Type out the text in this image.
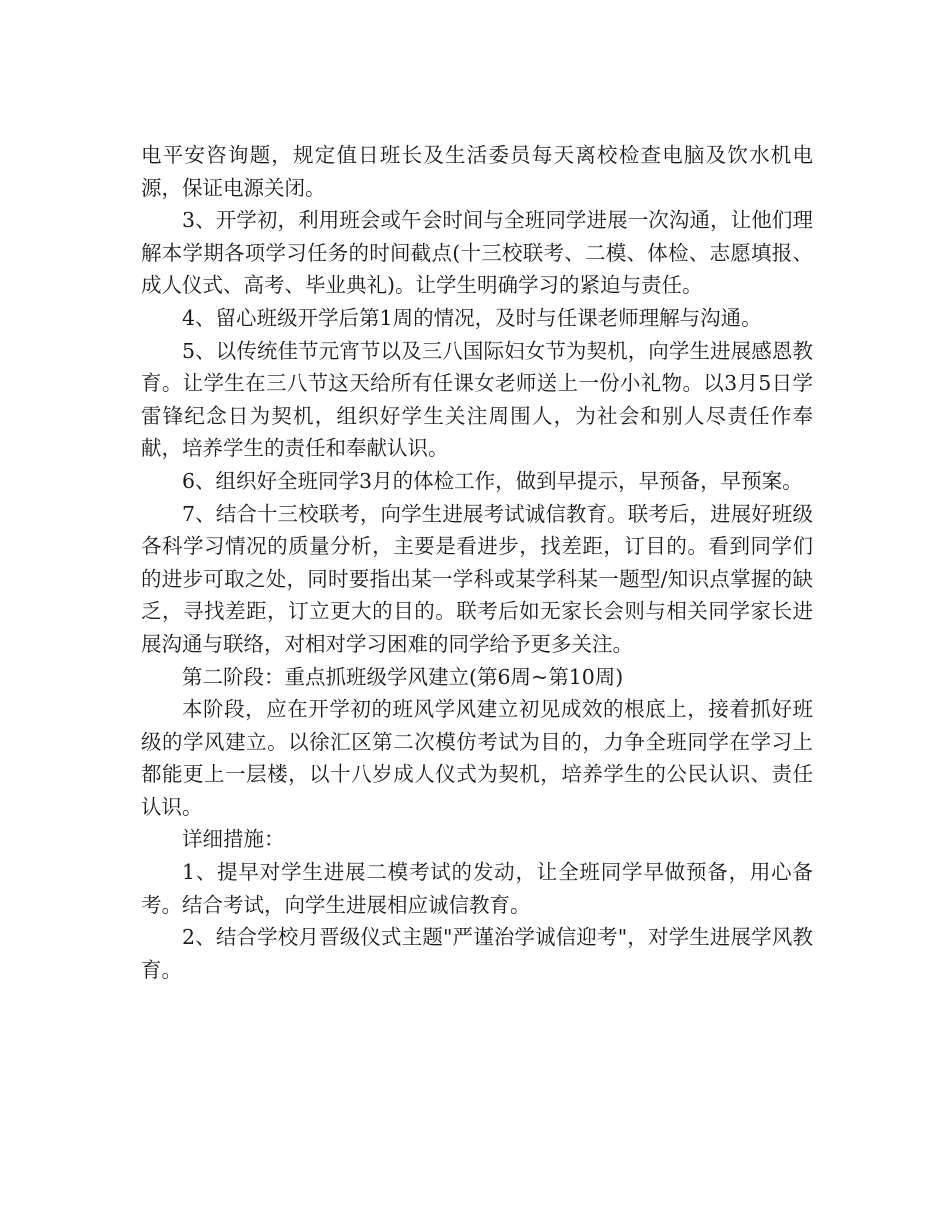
电平安咨询题，规定值日班长及生活委员每天离校检查电脑及饮水机电源，保证电源关闭。

3、开学初，利用班会或午会时间与全班同学进展一次沟通，让他们理解本学期各项学习任务的时间截点(十三校联考、二模、体检、志愿填报、成人仪式、高考、毕业典礼)。让学生明确学习的紧迫与责任。

4、留心班级开学后第1周的情况，及时与任课老师理解与沟通。

5、以传统佳节元宵节以及三八国际妇女节为契机，向学生进展感恩教育。让学生在三八节这天给所有任课女老师送上一份小礼物。以3月5日学雷锋纪念日为契机，组织好学生关注周围人，为社会和别人尽责任作奉献，培养学生的责任和奉献认识。

6、组织好全班同学3月的体检工作，做到早提示，早预备，早预案。

7、结合十三校联考，向学生进展考试诚信教育。联考后，进展好班级各科学习情况的质量分析，主要是看进步，找差距，订目的。看到同学们的进步可取之处，同时要指出某一学科或某学科某一题型/知识点掌握的缺乏，寻找差距，订立更大的目的。联考后如无家长会则与相关同学家长进展沟通与联络，对相对学习困难的同学给予更多关注。

第二阶段：重点抓班级学风建立(第6周~第10周)

本阶段，应在开学初的班风学风建立初见成效的根底上，接着抓好班级的学风建立。以徐汇区第二次模仿考试为目的，力争全班同学在学习上都能更上一层楼，以十八岁成人仪式为契机，培养学生的公民认识、责任认识。

详细措施：

1、提早对学生进展二模考试的发动，让全班同学早做预备，用心备考。结合考试，向学生进展相应诚信教育。

2、结合学校月晋级仪式主题"严谨治学诚信迎考"，对学生进展学风教育。
